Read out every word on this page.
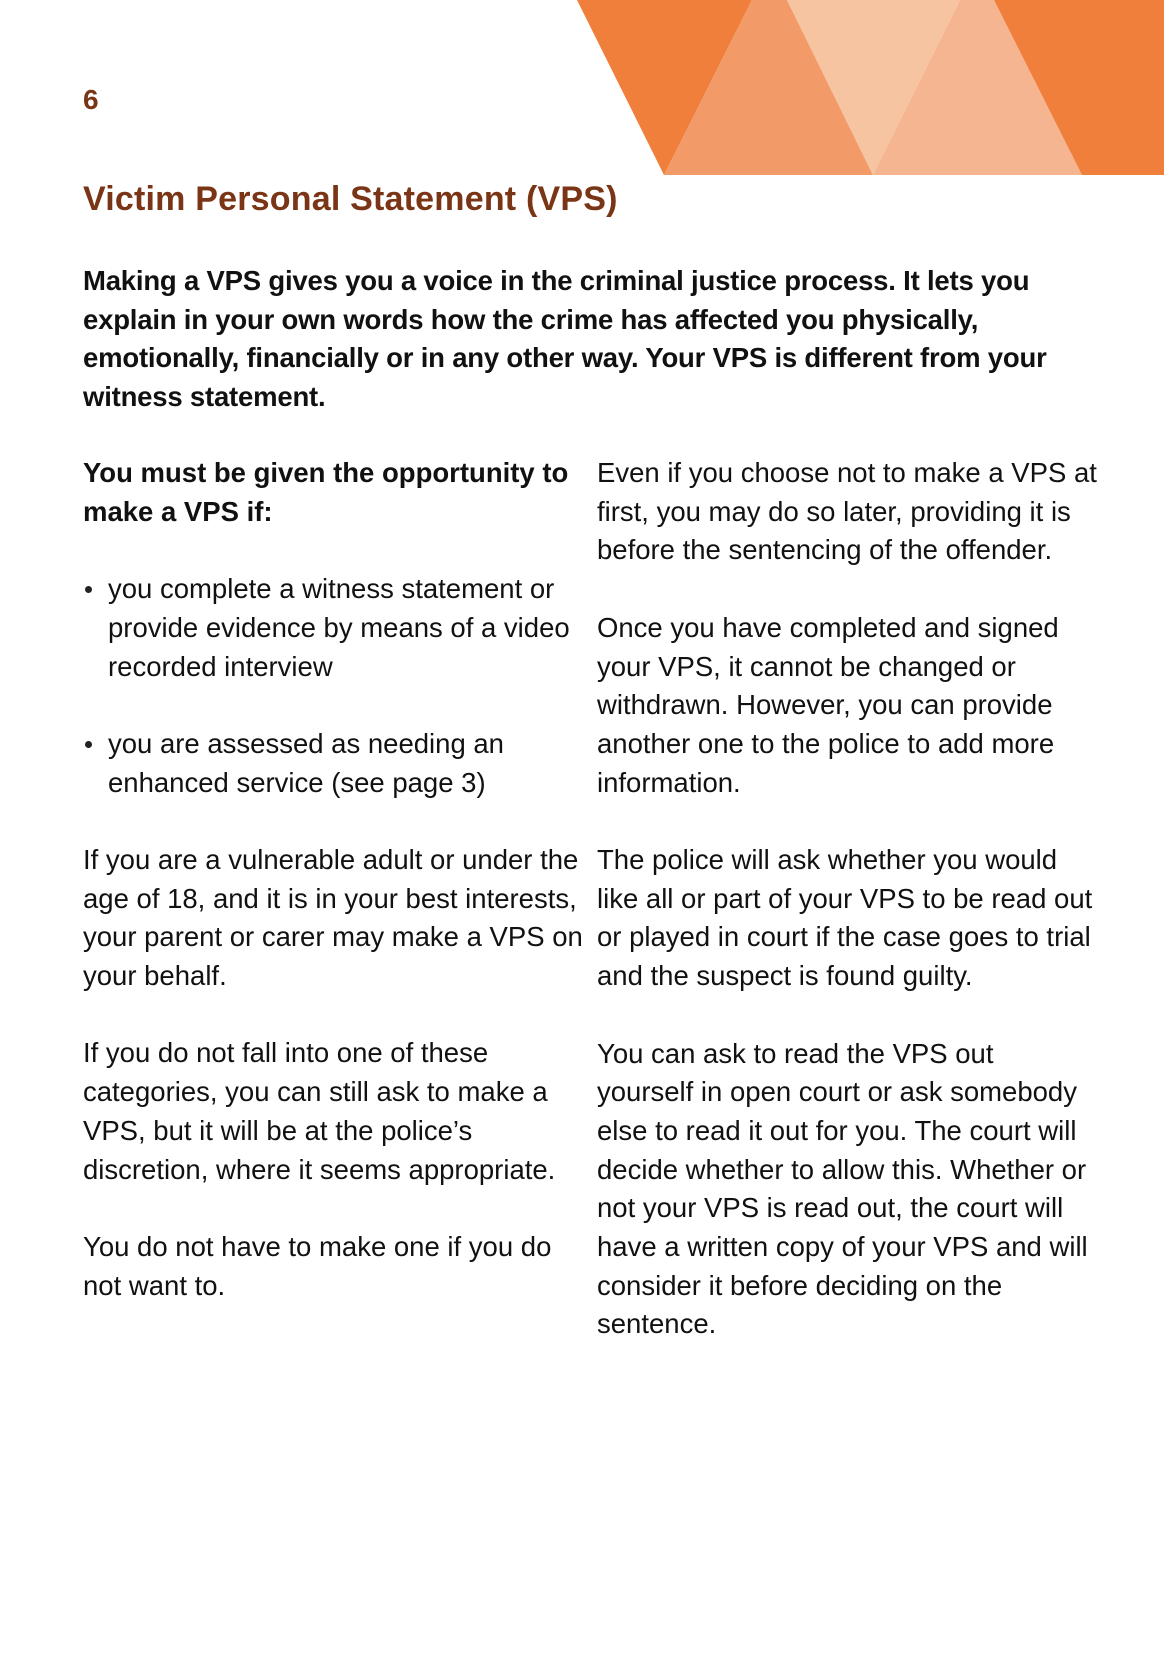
6
Victim Personal Statement (VPS)

Making a VPS gives you a voice in the criminal justice process. It lets you explain in your own words how the crime has affected you physically, emotionally, financially or in any other way. Your VPS is different from your witness statement.

You must be given the opportunity to make a VPS if:

you complete a witness statement or provide evidence by means of a video recorded interview
you are assessed as needing an enhanced service (see page 3)

If you are a vulnerable adult or under the age of 18, and it is in your best interests, your parent or carer may make a VPS on your behalf.

If you do not fall into one of these categories, you can still ask to make a VPS, but it will be at the police’s discretion, where it seems appropriate.

You do not have to make one if you do not want to.

Even if you choose not to make a VPS at first, you may do so later, providing it is before the sentencing of the offender.

Once you have completed and signed your VPS, it cannot be changed or withdrawn. However, you can provide another one to the police to add more information.

The police will ask whether you would like all or part of your VPS to be read out or played in court if the case goes to trial and the suspect is found guilty.

You can ask to read the VPS out yourself in open court or ask somebody else to read it out for you. The court will decide whether to allow this. Whether or not your VPS is read out, the court will have a written copy of your VPS and will consider it before deciding on the sentence.
